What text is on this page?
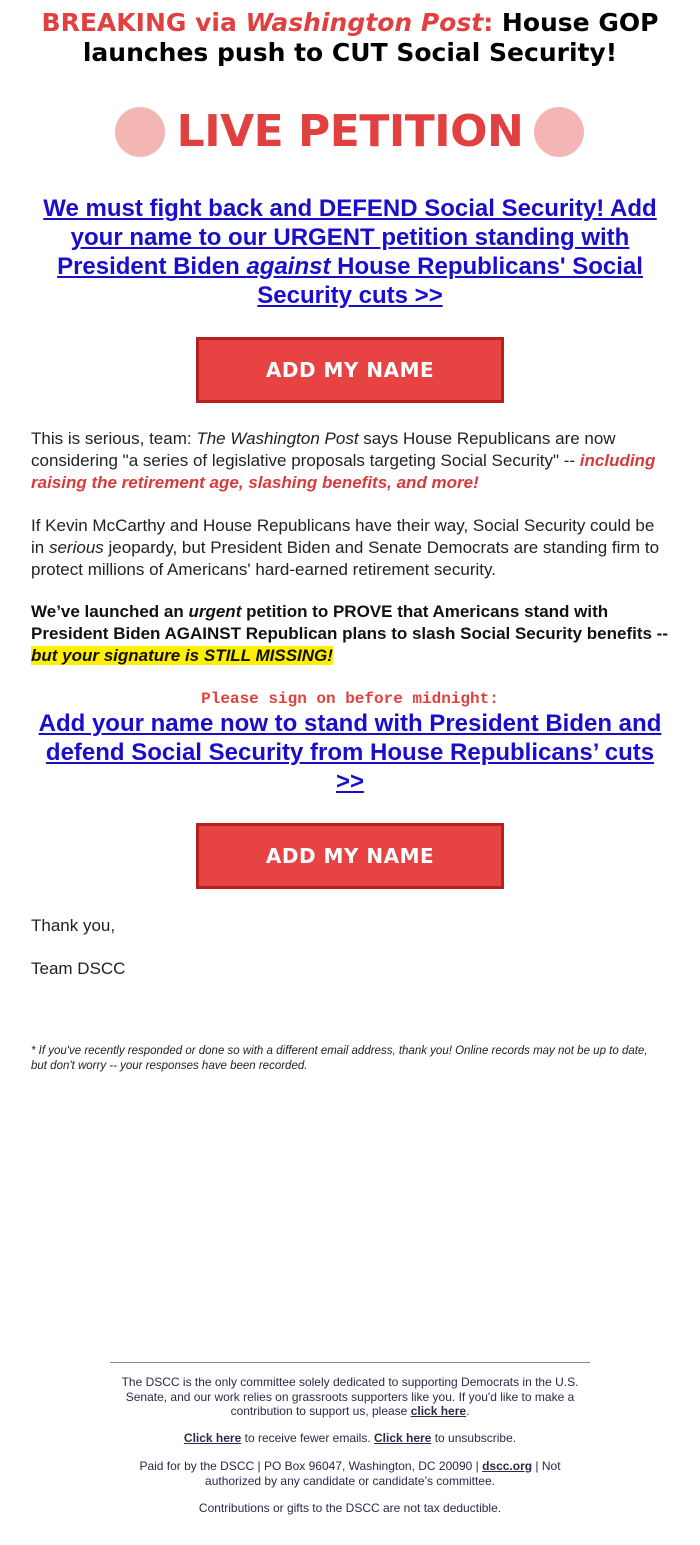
BREAKING via Washington Post: House GOP launches push to CUT Social Security!
LIVE PETITION
We must fight back and DEFEND Social Security! Add your name to our URGENT petition standing with President Biden against House Republicans' Social Security cuts >>
ADD MY NAME
This is serious, team: The Washington Post says House Republicans are now considering "a series of legislative proposals targeting Social Security" -- including raising the retirement age, slashing benefits, and more!
If Kevin McCarthy and House Republicans have their way, Social Security could be in serious jeopardy, but President Biden and Senate Democrats are standing firm to protect millions of Americans' hard-earned retirement security.
We’ve launched an urgent petition to PROVE that Americans stand with President Biden AGAINST Republican plans to slash Social Security benefits -- but your signature is STILL MISSING!
Please sign on before midnight:
Add your name now to stand with President Biden and defend Social Security from House Republicans’ cuts >>
ADD MY NAME
Thank you,
Team DSCC
* If you've recently responded or done so with a different email address, thank you! Online records may not be up to date, but don't worry -- your responses have been recorded.
The DSCC is the only committee solely dedicated to supporting Democrats in the U.S. Senate, and our work relies on grassroots supporters like you. If you'd like to make a contribution to support us, please click here.
Click here to receive fewer emails. Click here to unsubscribe.
Paid for by the DSCC | PO Box 96047, Washington, DC 20090 | dscc.org | Not authorized by any candidate or candidate’s committee.
Contributions or gifts to the DSCC are not tax deductible.
